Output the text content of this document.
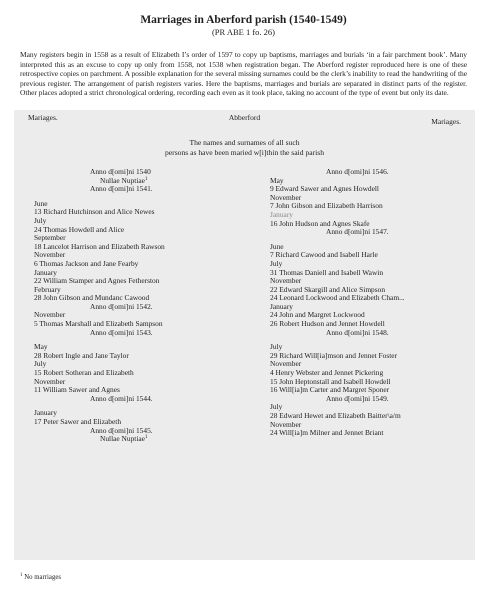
Marriages in Aberford parish (1540-1549)
(PR ABE 1 fo. 26)

Many registers begin in 1558 as a result of Elizabeth I’s order of 1597 to copy up baptisms, marriages and burials ‘in a fair parchment book’. Many interpreted this as an excuse to copy up only from 1558, not 1538 when registration began. The Aberford register reproduced here is one of these retrospective copies on parchment. A possible explanation for the several missing surnames could be the clerk’s inability to read the handwriting of the previous register. The arrangement of parish registers varies. Here the baptisms, marriages and burials are separated in distinct parts of the register. Other places adopted a strict chronological ordering, recording each even as it took place, taking no account of the type of event but only its date.

Mariages.	Abberford	Mariages.
The names and surnames of all such
persons as have been maried w[i]thin the said parish
Anno d[omi]ni 1540
Nullae Nuptiae$^1$
Anno d[omi]ni 1541.
June
13 Richard Hutchinson and Alice Newes
July
24 Thomas Howdell and Alice
September
18 Lancelot Harrison and Elizabeth Rawson
November
6 Thomas Jackson and Jane Fearby
January
22 William Stamper and Agnes Fetherston
February
28 John Gibson and Mundanc Cawood
Anno d[omi]ni 1542.
November
5 Thomas Marshall and Elizabeth Sampson
Anno d[omi]ni 1543.
May
28 Robert Ingle and Jane Taylor
July
15 Robert Sotheran and Elizabeth
November
11 William Sawer and Agnes
Anno d[omi]ni 1544.
January
17 Peter Sawer and Elizabeth
Anno d[omi]ni 1545.
Nullae Nuptiae$^1$
Anno d[omi]ni 1546.
May
9 Edward Sawer and Agnes Howdell
November
7 John Gibson and Elizabeth Harrison
January
16 John Hudson and Agnes Skafe
Anno d[omi]ni 1547.
June
7 Richard Cawood and Isabell Harle
July
31 Thomas Daniell and Isabell Wawin
November
22 Edward Skargill and Alice Simpson
24 Leonard Lockwood and Elizabeth Cham...
January
24 John and Margret Lockwood
26 Robert Hudson and Jennet Howdell
Anno d[omi]ni 1548.
July
29 Richard Will[ia]mson and Jennet Foster
November
4 Henry Webster and Jennet Pickering
15 John Heptonstall and Isabell Howdell
16 Will[ia]m Carter and Margret Sponer
Anno d[omi]ni 1549.
July
28 Edward Hewet and Elizabeth Baitter\a/m
November
24 Will[ia]m Milner and Jennet Briant
$^1$ No marriages
